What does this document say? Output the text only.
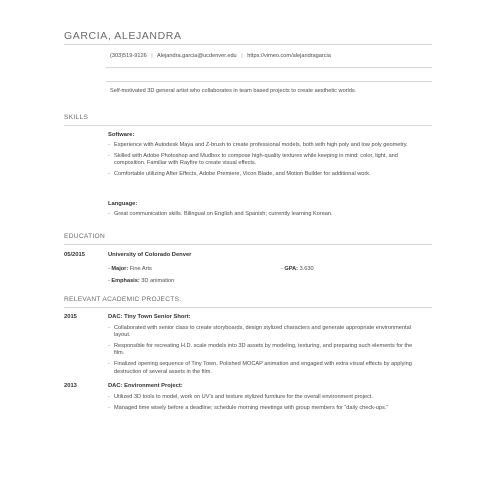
GARCIA, ALEJANDRA
(303)519-9126 | Alejandra.garcia@ucdenver.edu | https://vimeo.com/alejandragarcia
Self-motivated 3D general artist who collaborates in team based projects to create aesthetic worlds.
SKILLS
Software:
- Experience with Autodesk Maya and Z-brush to create professional models, both with high poly and low poly geometry.
- Skilled with Adobe Photoshop and Mudbox to compose high-quality textures while keeping in mind: color, light, and composition. Familiar with Rayfire to create visual effects.
- Comfortable utilizing After Effects, Adobe Premiere, Vicon Blade, and Motion Builder for additional work.
Language:
- Great communication skills. Bilingual on English and Spanish; currently learning Korean.
EDUCATION
05/2015	University of Colorado Denver
- Major: Fine Arts	- GPA: 3.630
- Emphasis: 3D animation
RELEVANT ACADEMIC PROJECTS:
2015	DAC: Tiny Town Senior Short:
- Collaborated with senior class to create storyboards, design stylized characters and generate appropriate environmental layout.
- Responsible for recreating H.D. scale models into 3D assets by modeling, texturing, and preparing such elements for the film.
- Finalized opening sequence of Tiny Town. Polished MOCAP animation and engaged with extra visual effects by applying destruction of several assets in the film.
2013	DAC: Environment Project:
- Utilized 3D tools to model, work on UV’s and texture stylized furniture for the overall environment project.
- Managed time wisely before a deadline; schedule morning meetings with group members for “daily check-ups.”
